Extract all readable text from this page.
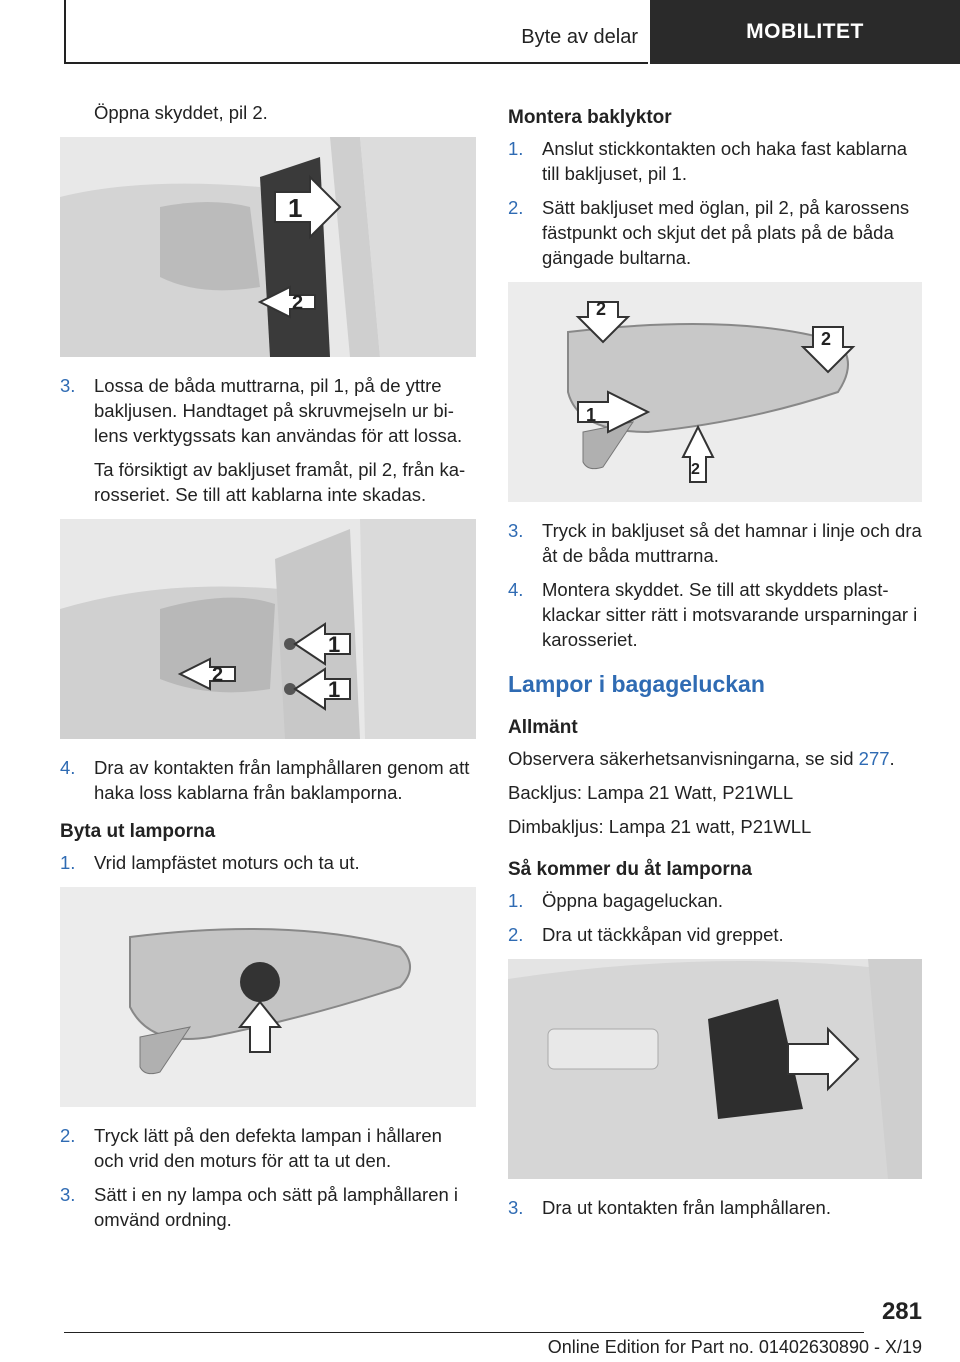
Byte av delar	MOBILITET

Öppna skyddet, pil 2.

1
2
3.	Lossa de båda muttrarna, pil 1, på de yttre bakljusen. Handtaget på skruvmejseln ur bilens verktygssats kan användas för att lossa.

Ta försiktigt av bakljuset framåt, pil 2, från karosseriet. Se till att kablarna inte skadas.

1
1
2
4.	Dra av kontakten från lamphållaren genom att haka loss kablarna från baklamporna.

Byta ut lamporna

1.	Vrid lampfästet moturs och ta ut.
2.	Tryck lätt på den defekta lampan i hållaren och vrid den moturs för att ta ut den.
3.	Sätt i en ny lampa och sätt på lamphållaren i omvänd ordning.

Montera baklyktor

1.	Anslut stickkontakten och haka fast kablarna till bakljuset, pil 1.
2.	Sätt bakljuset med öglan, pil 2, på karossens fästpunkt och skjut det på plats på de båda gängade bultarna.
2
2
1
2
3.	Tryck in bakljuset så det hamnar i linje och dra åt de båda muttrarna.
4.	Montera skyddet. Se till att skyddets plastklackar sitter rätt i motsvarande ursparningar i karosseriet.

Lampor i bagageluckan

Allmänt

Observera säkerhetsanvisningarna, se sid 277.

Backljus: Lampa 21 Watt, P21WLL

Dimbakljus: Lampa 21 watt, P21WLL

Så kommer du åt lamporna

1.	Öppna bagageluckan.
2.	Dra ut täckkåpan vid greppet.
3.	Dra ut kontakten från lamphållaren.
281
Online Edition for Part no. 01402630890 - X/19
